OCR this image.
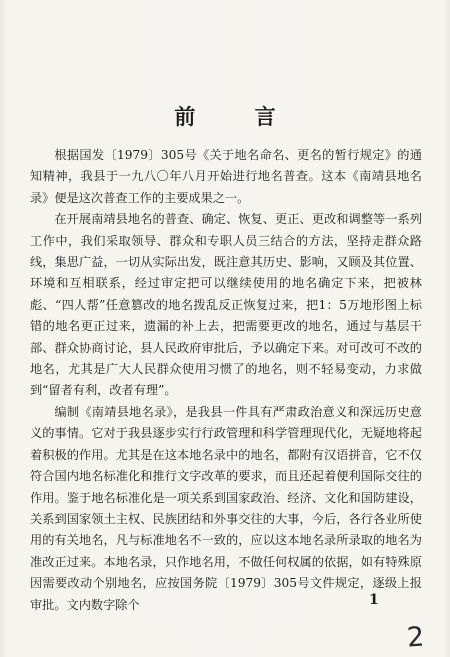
前 言

根据国发〔1979〕305号《关于地名命名、更名的暂行规定》的通知精神，我县于一九八〇年八月开始进行地名普查。这本《南靖县地名录》便是这次普查工作的主要成果之一。

在开展南靖县地名的普查、确定、恢复、更正、更改和调整等一系列工作中，我们采取领导、群众和专职人员三结合的方法，坚持走群众路线，集思广益，一切从实际出发，既注意其历史、影响，又顾及其位置、环境和互相联系，经过审定把可以继续使用的地名确定下来，把被林彪、“四人帮”任意篡改的地名拨乱反正恢复过来，把1：5万地形图上标错的地名更正过来，遗漏的补上去，把需要更改的地名，通过与基层干部、群众协商讨论，县人民政府审批后，予以确定下来。对可改可不改的地名，尤其是广大人民群众使用习惯了的地名，则不轻易变动，力求做到“留者有利，改者有理”。

编制《南靖县地名录》，是我县一件具有严肃政治意义和深远历史意义的事情。它对于我县逐步实行行政管理和科学管理现代化，无疑地将起着积极的作用。尤其是在这本地名录中的地名，都附有汉语拼音，它不仅符合国内地名标准化和推行文字改革的要求，而且还起着便利国际交往的作用。鉴于地名标准化是一项关系到国家政治、经济、文化和国防建设，关系到国家领土主权、民族团结和外事交往的大事，今后，各行各业所使用的有关地名，凡与标准地名不一致的，应以这本地名录所录取的地名为准改正过来。本地名录，只作地名用，不做任何权属的依据，如有特殊原因需要改动个别地名，应按国务院〔1979〕305号文件规定，逐级上报审批。文内数字除个	1
2
